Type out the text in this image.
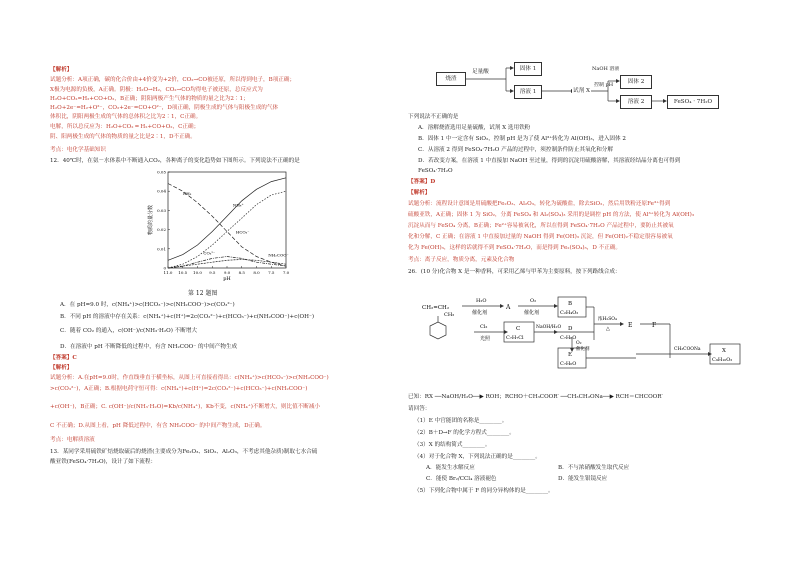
【解析】
试题分析：A项正确，碳的化合价由+4价变为+2价，CO₂→CO被还原，所以得到电子，B项正确；
X极为电源的负极，A正确。阴极：H₂O→H₂，CO₂→CO均得电子被还原，总反应式为
H₂O+CO₂=H₂+CO+O₂，B正确；阴阳两极产生气体的物质的量之比为2∶1；
H₂O+2e⁻=H₂+O²⁻，CO₂+2e⁻=CO+O²⁻，D项正确，阴极生成的气体与阳极生成的气体
体积比，阴阳两极生成的气体的总体积之比为2∶1，C正确。
电解，所以总反应为：H₂O+CO₂ ═ H₂+CO+O₂，C正确；
阴、阳两极生成的气体的物质的量之比是2∶1，D不正确。
考点：电化学基础知识
12．40℃时，在氨－水体系中不断通入CO₂，各种离子的变化趋势如下图所示。下列说法不正确的是
11.0 10.5 10.0 9.5 9.0 8.5 8.0 7.5 7.0
0
0.01
0.02
0.03
0.04
0.05
pH
物质的量分数
NH₃
NH₄⁺
HCO₃⁻
CO₃²⁻	NH₂COO⁻
第 12 题图
A．在 pH=9.0 时，c(NH₄⁺)>c(HCO₃⁻)>c(NH₂COO⁻)>c(CO₃²⁻)
B．不同 pH 的溶液中存在关系：c(NH₄⁺)+c(H⁺)=2c(CO₃²⁻)+c(HCO₃⁻)+c(NH₂COO⁻)+c(OH⁻)
C．随着 CO₂ 的通入，c(OH⁻)/c(NH₃·H₂O) 不断增大
D．在溶液中 pH 不断降低的过程中，有含 NH₂COO⁻ 的中间产物生成
【答案】C
【解析】
试题分析：A.在pH=9.0时，作直线垂直于横坐标，从图上可直接看得出：c(NH₄⁺)>c(HCO₃⁻)>c(NH₂COO⁻)
>c(CO₃²⁻)，A正确；B.根据电荷守恒可得：c(NH₄⁺)+c(H⁺)=2c(CO₃²⁻)+c(HCO₃⁻)+c(NH₂COO⁻)
+c(OH⁻)，B正确；C. c(OH⁻)/c(NH₃·H₂O)=Kb/c(NH₄⁺)，Kb不变，c(NH₄⁺)不断增大，则比值不断减小
C 不正确；D.从图上看，pH 降低过程中，有含 NH₂COO⁻ 的中间产物生成，D正确。
考点：电解质溶液
13．某同学采用硫铁矿焙烧取硫后的烧渣(主要成分为Fe₂O₃、SiO₂、Al₂O₃，不考虑其他杂质)制取七水合硫
酸亚铁(FeSO₄·7H₂O)，设计了如下流程：
烧渣
足量酸	固体 1
溶液 1	试剂 X
NaOH 溶液
控制 pH	固体 2
溶液 2	FeSO₄ · 7H₂O
下列说法不正确的是
A．溶解烧渣选用足量硫酸，试剂 X 选用铁粉
B．固体 1 中一定含有 SiO₂，控制 pH 是为了使 Al³⁺转化为 Al(OH)₃，进入固体 2
C．从溶液 2 得到 FeSO₄·7H₂O 产品的过程中，须控制条件防止其氧化和分解
D．若改变方案，在溶液 1 中直接加 NaOH 至过量，得到的沉淀用硫酸溶解，其溶液经结晶分离也可得到
FeSO₄·7H₂O
【答案】D
【解析】
试题分析：流程设计意图是用硫酸把Fe₂O₃、Al₂O₃，转化为硫酸盐，除去SiO₂，然后用铁粉还原Fe³⁺得到
硫酸亚铁，A正确；固体 1 为 SiO₂，分离 FeSO₄ 和 Al₂(SO₄)₃ 采用的是调控 pH 的方法，使 Al³⁺转化为 Al(OH)₃
沉淀从而与 FeSO₄ 分离，B正确；Fe²⁺容易被氧化，所以在得到 FeSO₄·7H₂O 产品过程中，要防止其被氧
化和分解，C 正确；在溶液 1 中直接加过量的 NaOH 得到 Fe(OH)₃ 沉淀，但 Fe(OH)₂不稳定很容易被氧
化为 Fe(OH)₃，这样的话就得不到 FeSO₄·7H₂O，而是得到 Fe₂(SO₄)₃，D 不正确。
考点：离子反应，物质分离，元素及化合物
26．(10 分)化合物 X 是一种香料，可采用乙烯与甲苯为主要原料，按下列路线合成：
CH₂=CH₂
H₂O
催化剂
A
O₂
催化剂
B
C₂H₄O₂
CH₃
Cl₂
光照
C
C₇H₇Cl
NaOH/H₂O D
C₇H₈O
浓H₂SO₄
△	E	F
O₂
催化剂
E
C₇H₆O
CH₃COONa	X
C₉H₁₀O₂
已知：RX ──NaOH/H₂O──▶ ROH；RCHO＋CH₃COOR′ ──CH₃CH₂ONa──▶ RCH＝CHCOOR′
请回答：
（1）E 中官能团的名称是________。
（2）B＋D→F 的化学方程式________。
（3）X 的结构简式________。
（4）对于化合物 X，下列说法正确的是________。
A．能发生水解反应	B．不与浓硝酸发生取代反应
C．能使 Br₂/CCl₄ 溶液褪色	D．能发生银镜反应
（5）下列化合物中属于 F 的同分异构体的是________。
